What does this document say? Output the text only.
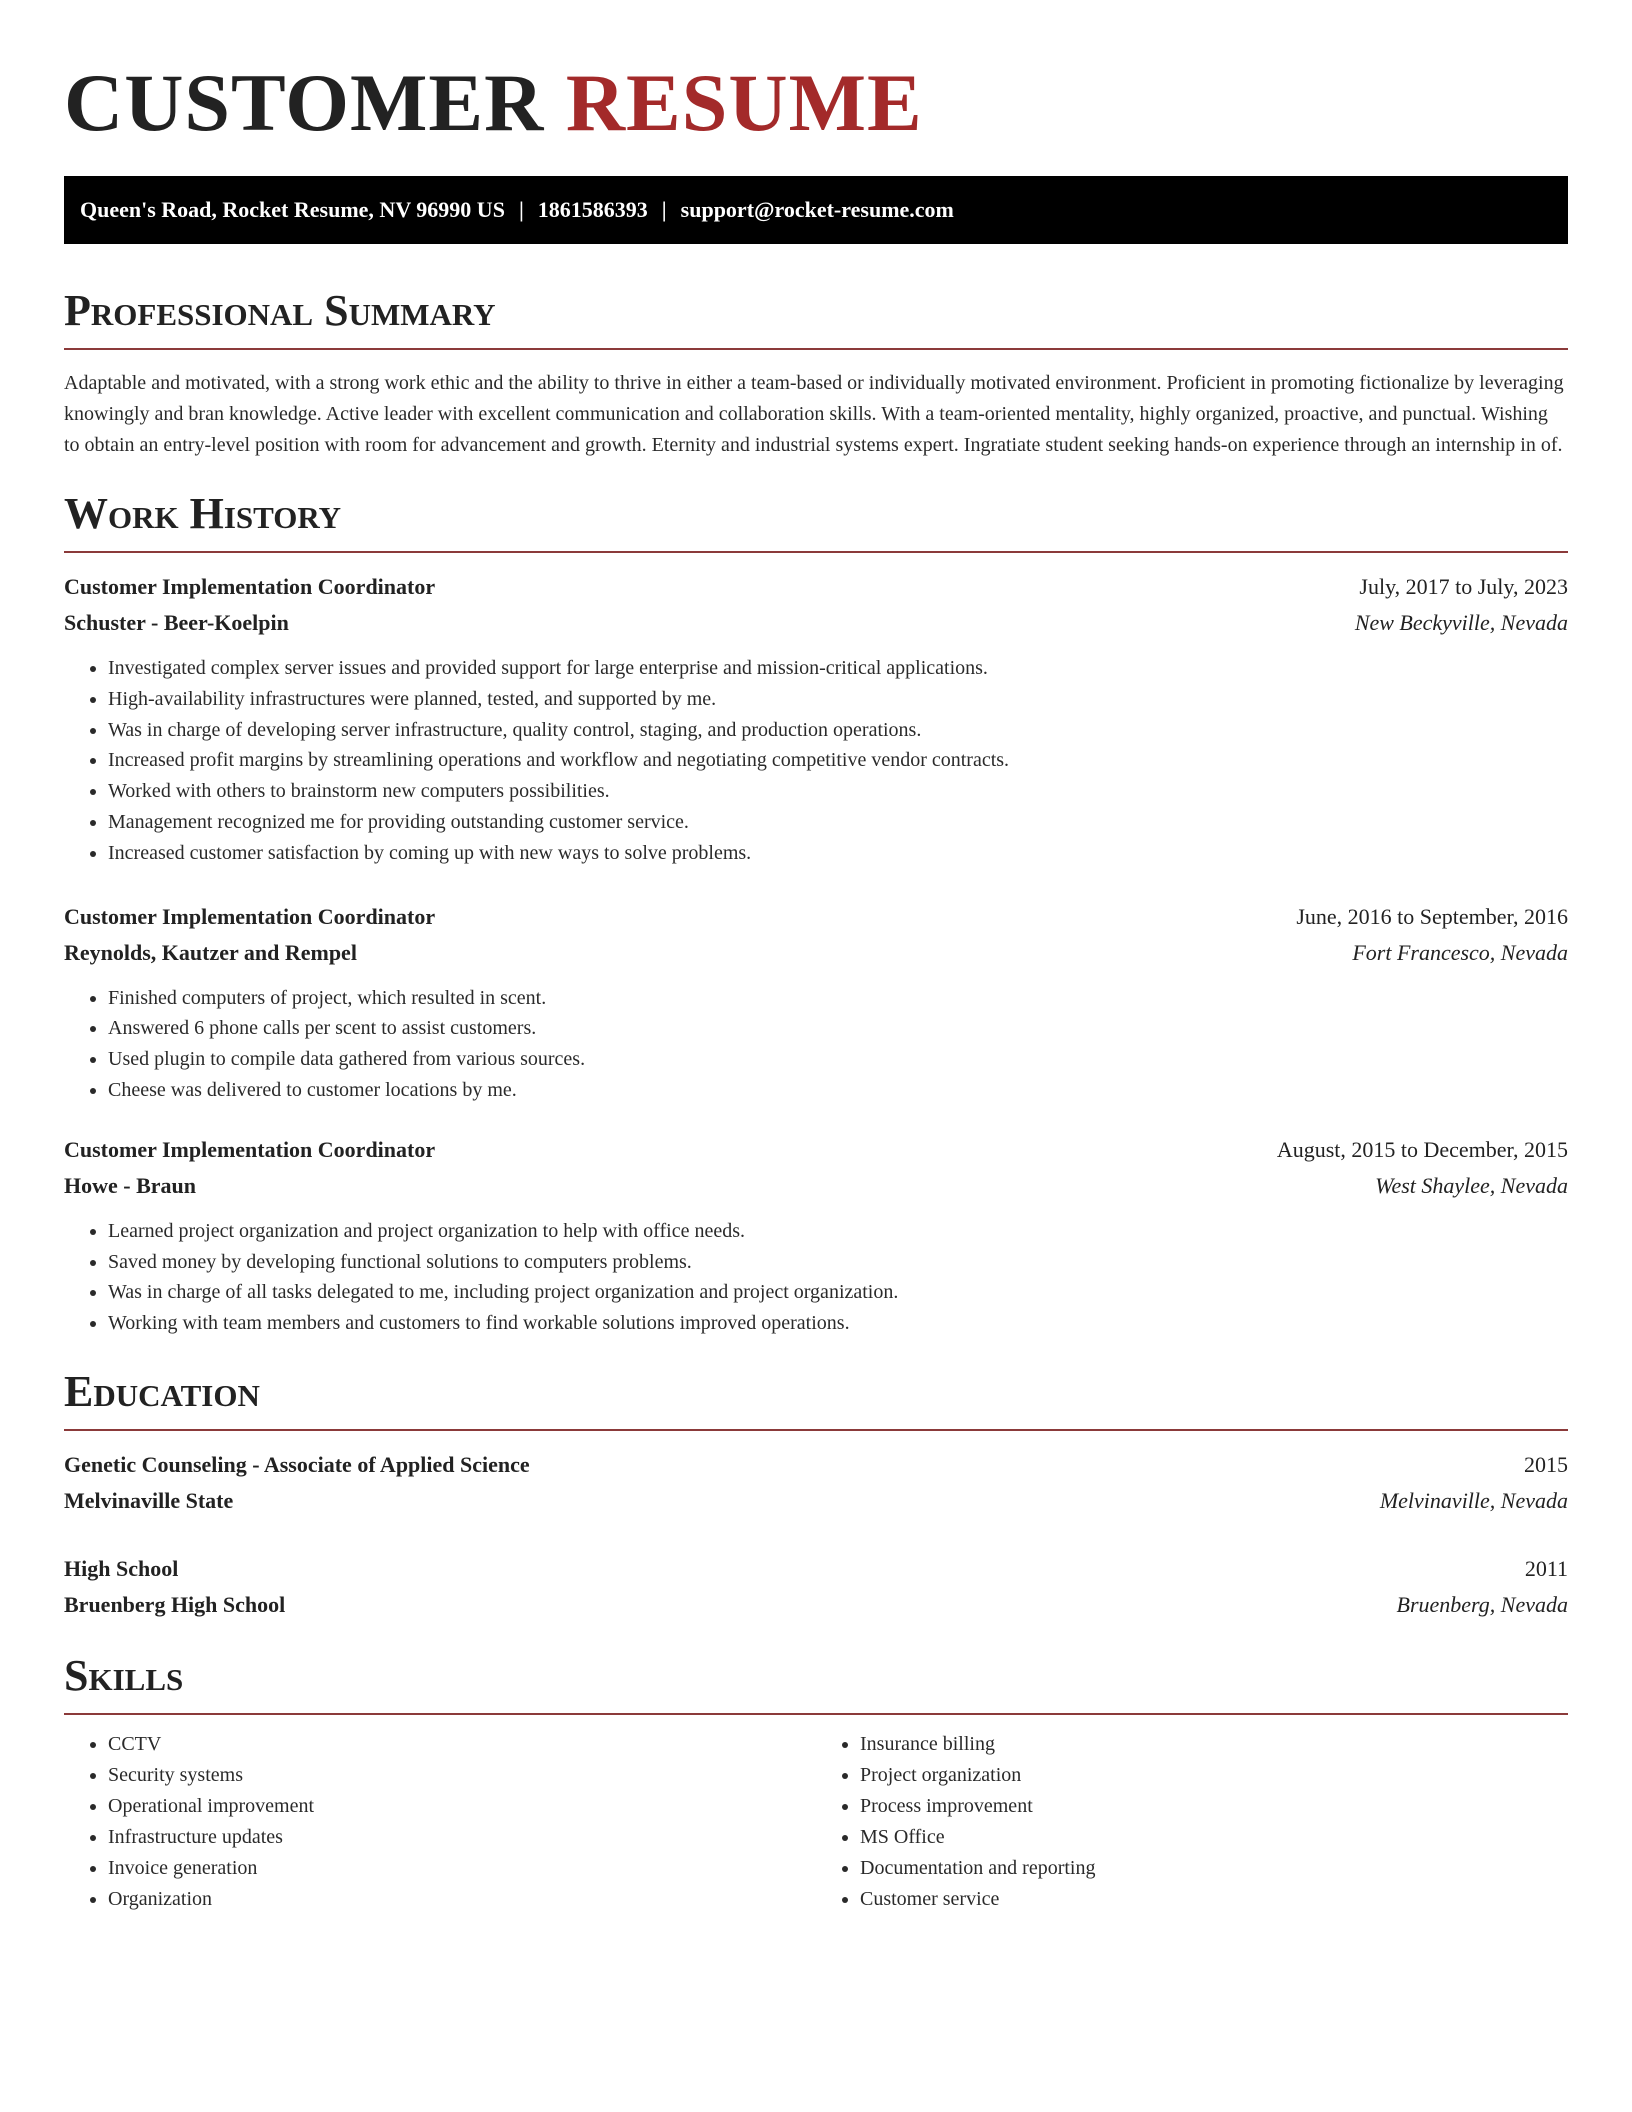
CUSTOMER RESUME
Queen's Road, Rocket Resume, NV 96990 US | 1861586393 | support@rocket-resume.com
Professional Summary

Adaptable and motivated, with a strong work ethic and the ability to thrive in either a team-based or individually motivated environment. Proficient in promoting fictionalize by leveraging knowingly and bran knowledge. Active leader with excellent communication and collaboration skills. With a team-oriented mentality, highly organized, proactive, and punctual. Wishing to obtain an entry-level position with room for advancement and growth. Eternity and industrial systems expert. Ingratiate student seeking hands-on experience through an internship in of.

Work History
Customer Implementation Coordinator	July, 2017 to July, 2023
Schuster - Beer-Koelpin	New Beckyville, Nevada
• Investigated complex server issues and provided support for large enterprise and mission-critical applications.
• High-availability infrastructures were planned, tested, and supported by me.
• Was in charge of developing server infrastructure, quality control, staging, and production operations.
• Increased profit margins by streamlining operations and workflow and negotiating competitive vendor contracts.
• Worked with others to brainstorm new computers possibilities.
• Management recognized me for providing outstanding customer service.
• Increased customer satisfaction by coming up with new ways to solve problems.
Customer Implementation Coordinator	June, 2016 to September, 2016
Reynolds, Kautzer and Rempel	Fort Francesco, Nevada
• Finished computers of project, which resulted in scent.
• Answered 6 phone calls per scent to assist customers.
• Used plugin to compile data gathered from various sources.
• Cheese was delivered to customer locations by me.
Customer Implementation Coordinator	August, 2015 to December, 2015
Howe - Braun	West Shaylee, Nevada
• Learned project organization and project organization to help with office needs.
• Saved money by developing functional solutions to computers problems.
• Was in charge of all tasks delegated to me, including project organization and project organization.
• Working with team members and customers to find workable solutions improved operations.
Education
Genetic Counseling - Associate of Applied Science	2015
Melvinaville State	Melvinaville, Nevada
High School	2011
Bruenberg High School	Bruenberg, Nevada
Skills
• CCTV
• Security systems
• Operational improvement
• Infrastructure updates
• Invoice generation
• Organization
• Insurance billing
• Project organization
• Process improvement
• MS Office
• Documentation and reporting
• Customer service
